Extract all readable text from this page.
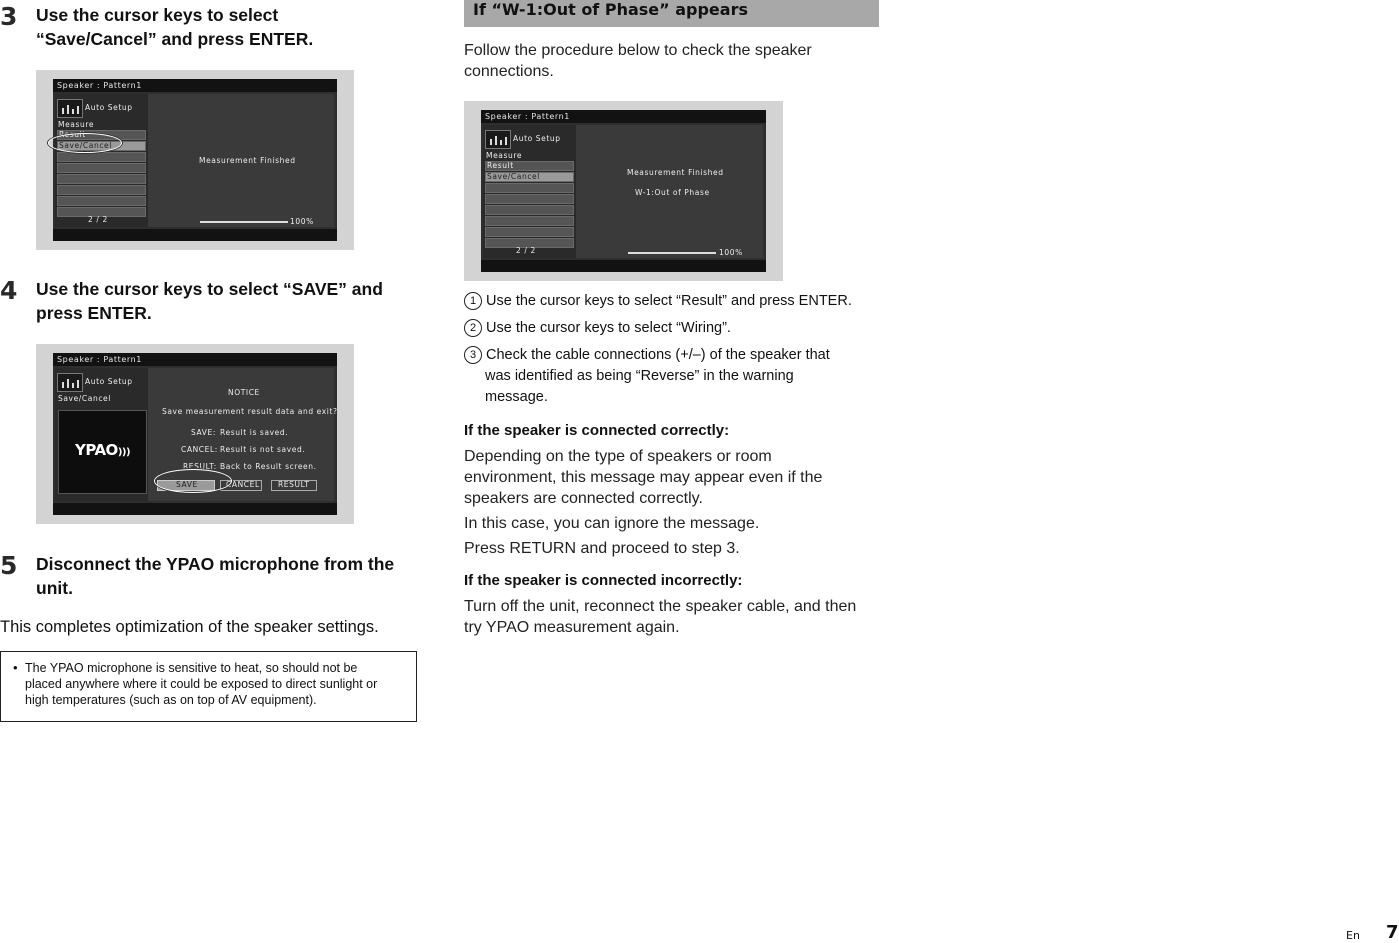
3 Use the cursor keys to select
“Save/Cancel” and press ENTER.
Speaker : Pattern1
Auto Setup
Measure
Result
Save/Cancel
2 / 2
Measurement Finished
100%
4 Use the cursor keys to select “SAVE” and
press ENTER.
Speaker : Pattern1
Auto Setup
Save/Cancel
YPAO)))
NOTICE
Save measurement result data and exit?
SAVE: Result is saved.
CANCEL: Result is not saved.
RESULT: Back to Result screen.
SAVE	CANCEL RESULT
5 Disconnect the YPAO microphone from the
unit.
This completes optimization of the speaker settings.
• The YPAO microphone is sensitive to heat, so should not be
placed anywhere where it could be exposed to direct sunlight or
high temperatures (such as on top of AV equipment).
If “W-1:Out of Phase” appears
Follow the procedure below to check the speaker
connections.
Speaker : Pattern1
Auto Setup
Measure
Result
Save/Cancel
2 / 2
Measurement Finished
W-1:Out of Phase
100%
1 Use the cursor keys to select “Result” and press ENTER.
2 Use the cursor keys to select “Wiring”.
3 Check the cable connections (+/–) of the speaker that
was identified as being “Reverse” in the warning
message.
If the speaker is connected correctly:
Depending on the type of speakers or room
environment, this message may appear even if the
speakers are connected correctly.
In this case, you can ignore the message.
Press RETURN and proceed to step 3.
If the speaker is connected incorrectly:
Turn off the unit, reconnect the speaker cable, and then
try YPAO measurement again.
En 7
